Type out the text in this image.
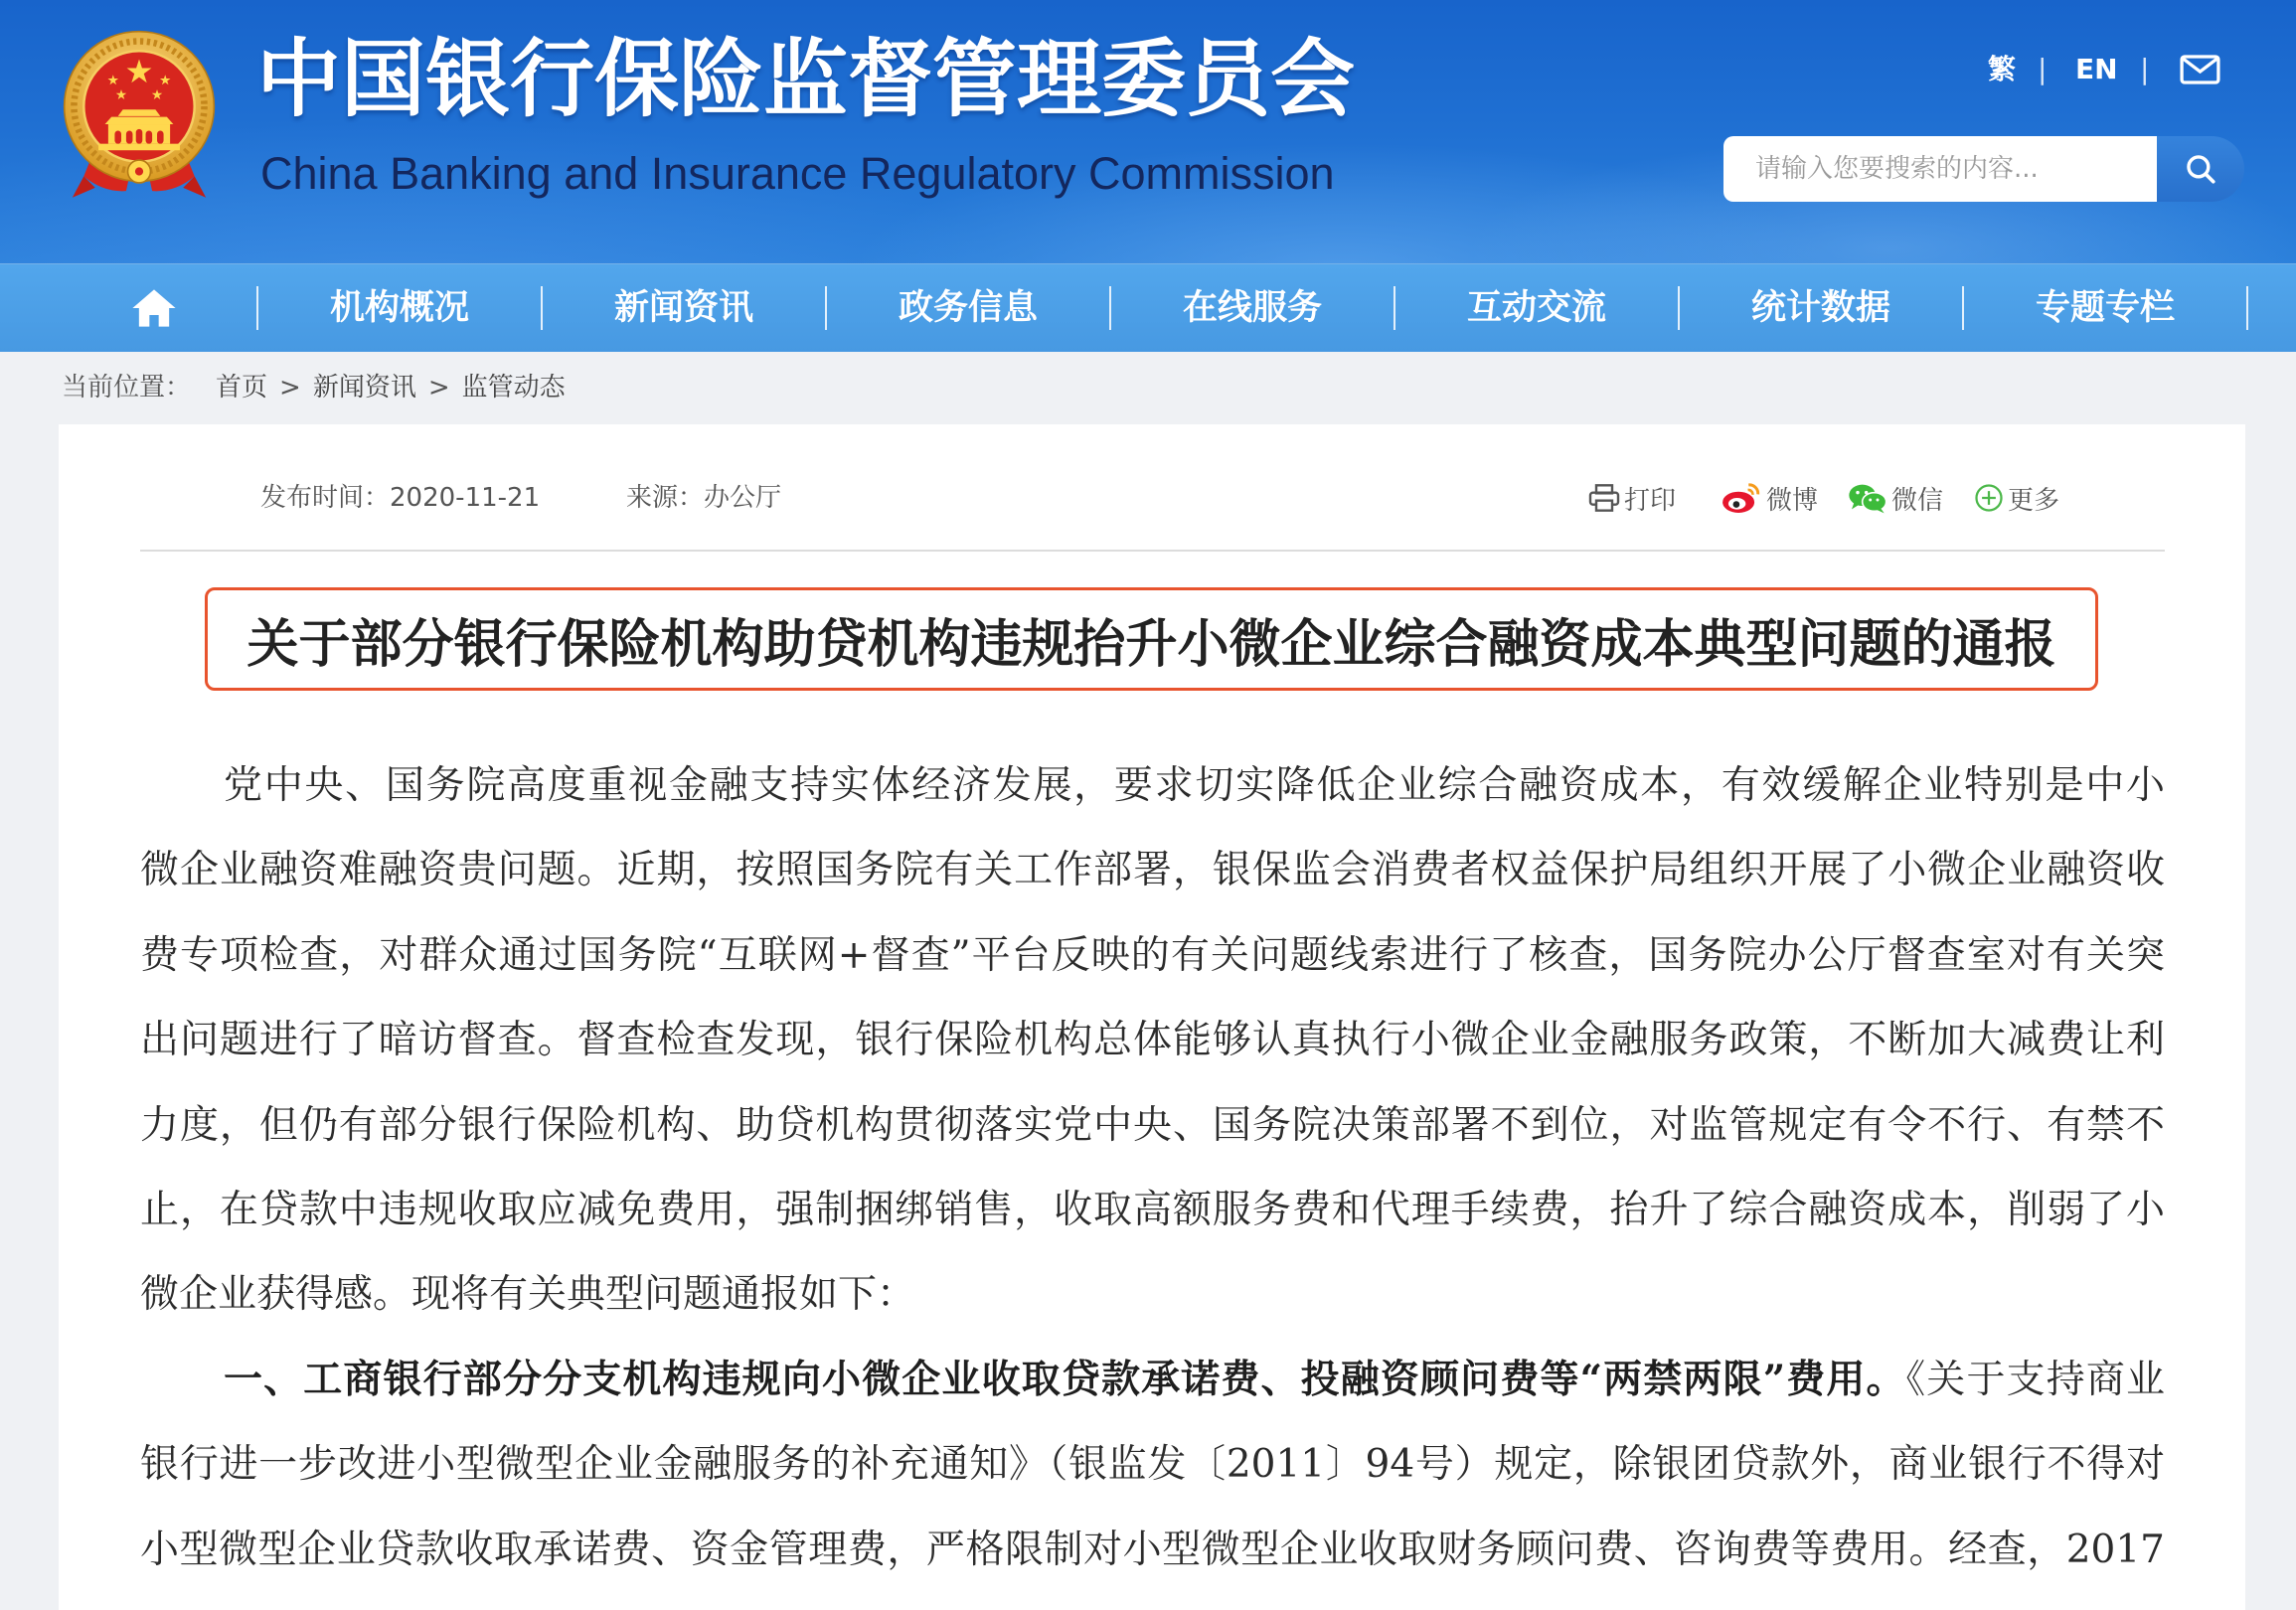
中国银行保险监督管理委员会
China Banking and Insurance Regulatory Commission
繁 | EN |
请输入您要搜索的内容...
机构概况	新闻资讯	政务信息	在线服务	互动交流	统计数据	专题专栏
当前位置： 首页 > 新闻资讯 > 监管动态
发布时间：2020-11-21	来源：办公厅	打印	微博	微信 更多
关于部分银行保险机构助贷机构违规抬升小微企业综合融资成本典型问题的通报
党中央、国务院高度重视金融支持实体经济发展，要求切实降低企业综合融资成本，有效缓解企业特别是中小
微企业融资难融资贵问题。近期，按照国务院有关工作部署，银保监会消费者权益保护局组织开展了小微企业融资收
费专项检查，对群众通过国务院“互联网+督查”平台反映的有关问题线索进行了核查，国务院办公厅督查室对有关突
出问题进行了暗访督查。督查检查发现，银行保险机构总体能够认真执行小微企业金融服务政策，不断加大减费让利
力度，但仍有部分银行保险机构、助贷机构贯彻落实党中央、国务院决策部署不到位，对监管规定有令不行、有禁不
止，在贷款中违规收取应减免费用，强制捆绑销售，收取高额服务费和代理手续费，抬升了综合融资成本，削弱了小
微企业获得感。现将有关典型问题通报如下：
一、工商银行部分分支机构违规向小微企业收取贷款承诺费、投融资顾问费等“两禁两限”费用。《关于支持商业
银行进一步改进小型微型企业金融服务的补充通知》（银监发〔2011〕94号）规定，除银团贷款外，商业银行不得对
小型微型企业贷款收取承诺费、资金管理费，严格限制对小型微型企业收取财务顾问费、咨询费等费用。经查，2017
